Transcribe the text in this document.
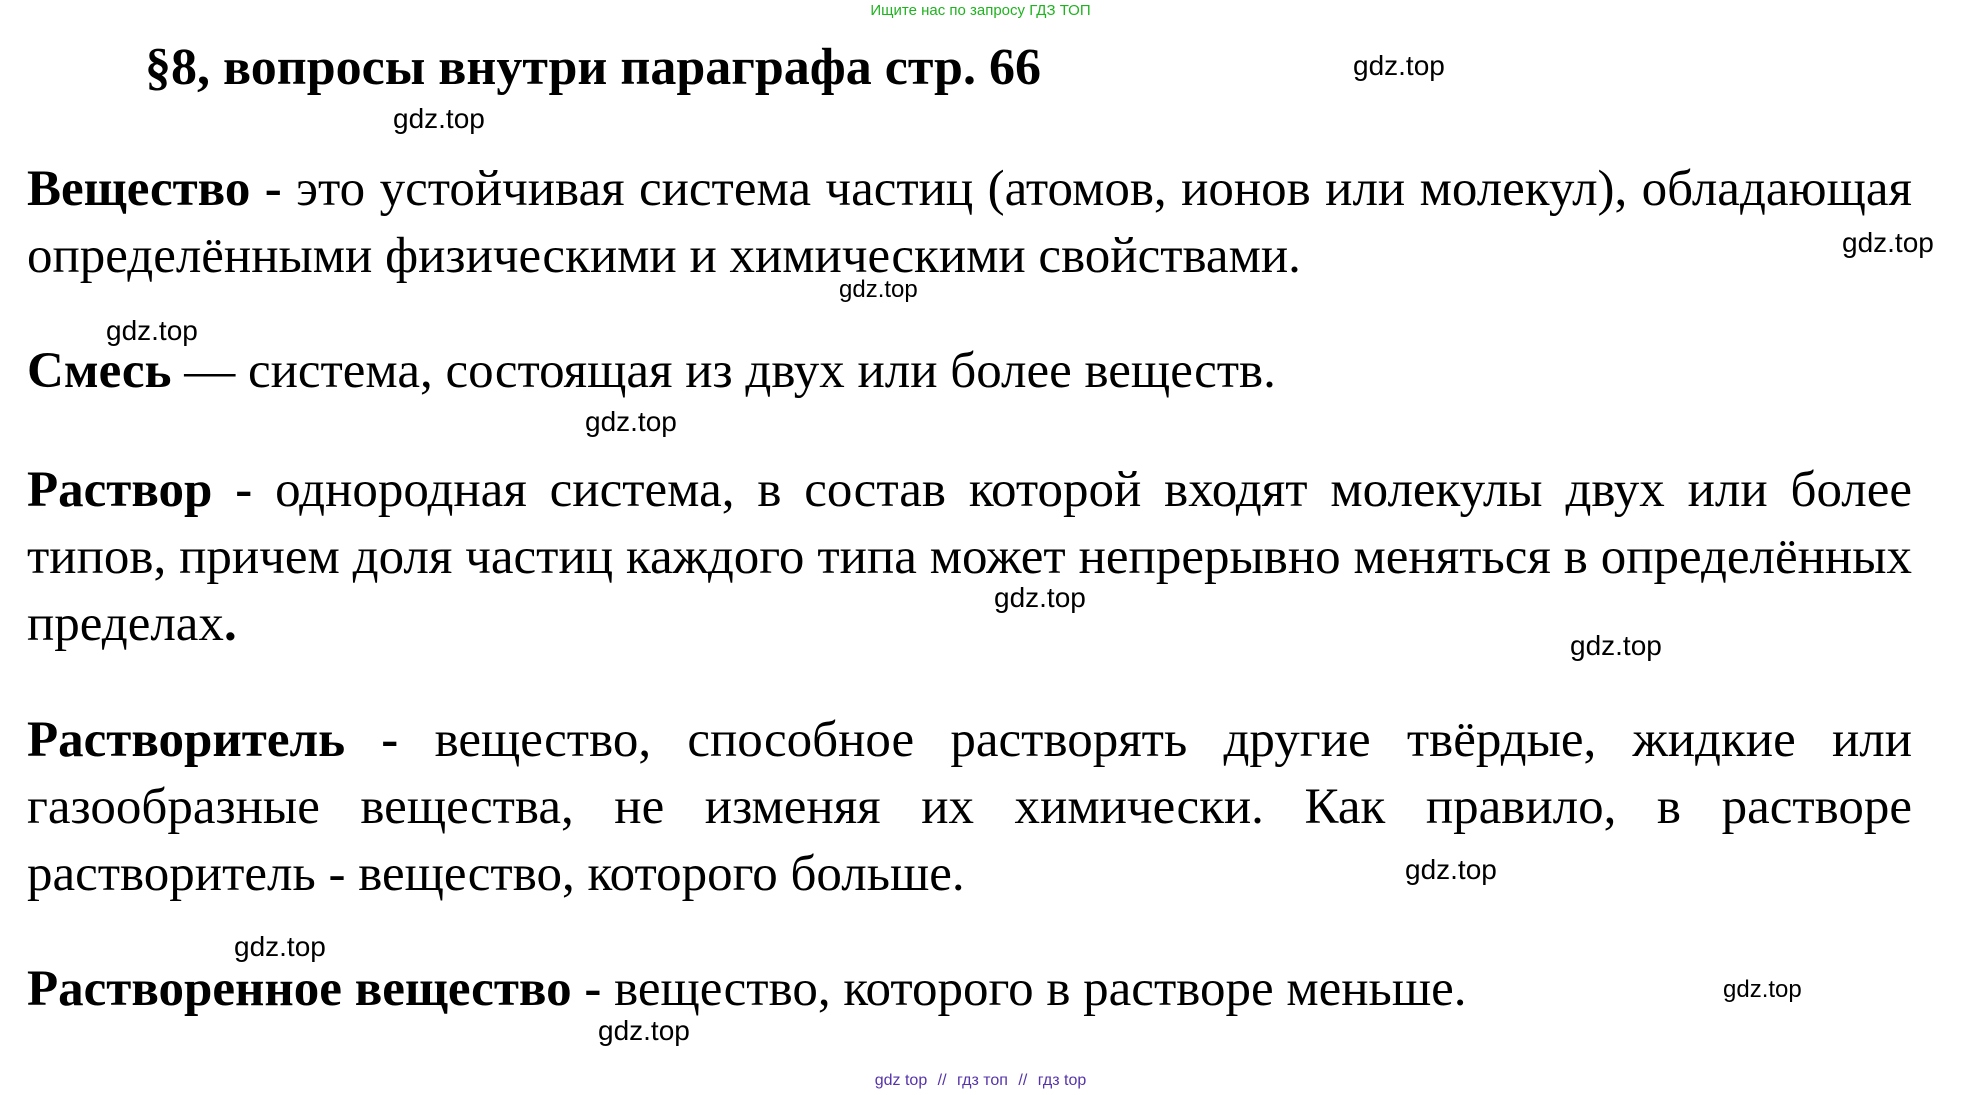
Ищите нас по запросу ГДЗ ТОП
§8, вопросы внутри параграфа стр. 66
Вещество - это устойчивая система частиц (атомов, ионов или молекул), обладающая определёнными физическими и химическими свойствами.
Смесь — система, состоящая из двух или более веществ.
Раствор - однородная система, в состав которой входят молекулы двух или более типов, причем доля частиц каждого типа может непрерывно меняться в определённых пределах.
Растворитель - вещество, способное растворять другие твёрдые, жидкие или газообразные вещества, не изменяя их химически. Как правило, в растворе растворитель - вещество, которого больше.
Растворенное вещество - вещество, которого в растворе меньше.
gdz.top
gdz.top
gdz.top
gdz.top
gdz.top
gdz.top
gdz.top
gdz.top
gdz.top
gdz.top
gdz.top
gdz.top
gdz top // гдз топ // гдз top
